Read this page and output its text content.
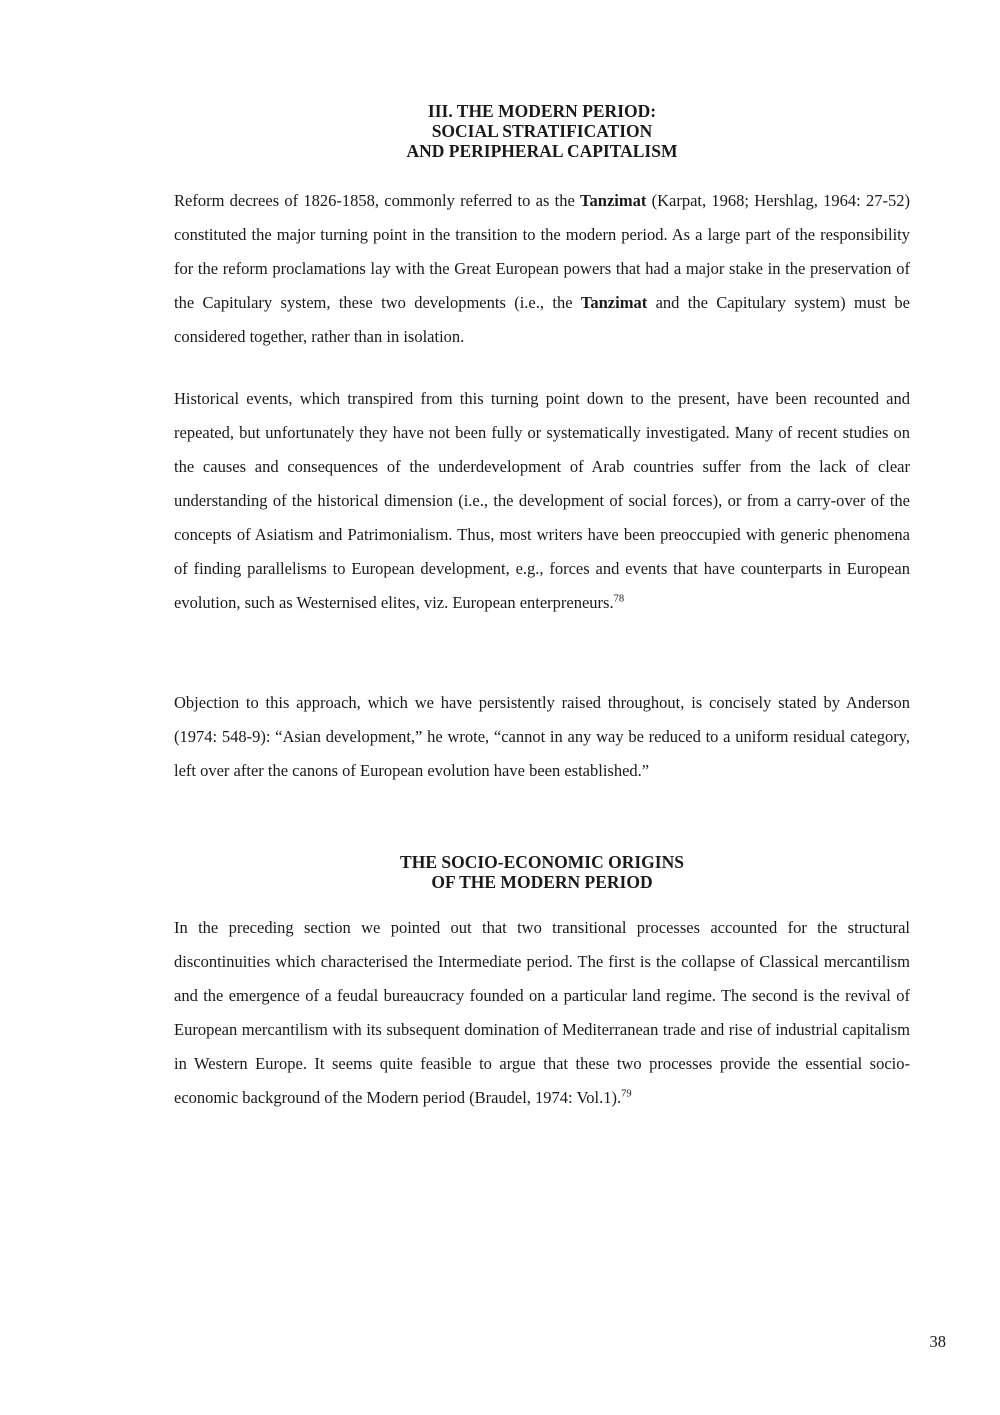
III. THE MODERN PERIOD:
SOCIAL STRATIFICATION
AND PERIPHERAL CAPITALISM

Reform decrees of 1826-1858, commonly referred to as the Tanzimat (Karpat, 1968; Hershlag, 1964: 27-52) constituted the major turning point in the transition to the modern period. As a large part of the responsibility for the reform proclamations lay with the Great European powers that had a major stake in the preservation of the Capitulary system, these two developments (i.e., the Tanzimat and the Capitulary system) must be considered together, rather than in isolation.

Historical events, which transpired from this turning point down to the present, have been recounted and repeated, but unfortunately they have not been fully or systematically investigated. Many of recent studies on the causes and consequences of the underdevelopment of Arab countries suffer from the lack of clear understanding of the historical dimension (i.e., the development of social forces), or from a carry-over of the concepts of Asiatism and Patrimonialism. Thus, most writers have been preoccupied with generic phenomena of finding parallelisms to European development, e.g., forces and events that have counterparts in European evolution, such as Westernised elites, viz. European enterpreneurs.$^{78}$

Objection to this approach, which we have persistently raised throughout, is concisely stated by Anderson (1974: 548-9): “Asian development,” he wrote, “cannot in any way be reduced to a uniform residual category, left over after the canons of European evolution have been established.”

THE SOCIO-ECONOMIC ORIGINS
OF THE MODERN PERIOD

In the preceding section we pointed out that two transitional processes accounted for the structural discontinuities which characterised the Intermediate period. The first is the collapse of Classical mercantilism and the emergence of a feudal bureaucracy founded on a particular land regime. The second is the revival of European mercantilism with its subsequent domination of Mediterranean trade and rise of industrial capitalism in Western Europe. It seems quite feasible to argue that these two processes provide the essential socio-economic background of the Modern period (Braudel, 1974: Vol.1).$^{79}$

38
